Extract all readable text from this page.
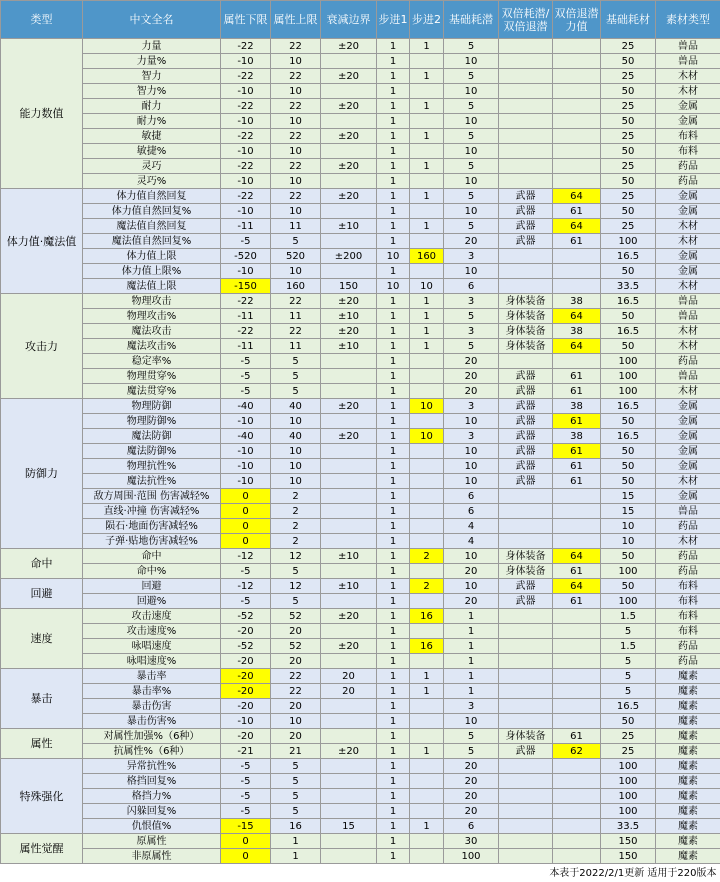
类型	中文全名	属性下限	属性上限	衰减边界	步进1	步进2	基础耗潜	双倍耗潜/双倍退潜	双倍退潜力值	基础耗材	素材类型
能力数值	力量	-22	22	±20	1	1	5			25	兽品
	力量%	-10	10		1		10			50	兽品
	智力	-22	22	±20	1	1	5			25	木材
	智力%	-10	10		1		10			50	木材
	耐力	-22	22	±20	1	1	5			25	金属
	耐力%	-10	10		1		10			50	金属
	敏捷	-22	22	±20	1	1	5			25	布料
	敏捷%	-10	10		1		10			50	布料
	灵巧	-22	22	±20	1	1	5			25	药品
	灵巧%	-10	10		1		10			50	药品
体力值·魔法值	体力值自然回复	-22	22	±20	1	1	5	武器	64	25	金属
	体力值自然回复%	-10	10		1		10	武器	61	50	金属
	魔法值自然回复	-11	11	±10	1	1	5	武器	64	25	木材
	魔法值自然回复%	-5	5		1		20	武器	61	100	木材
	体力值上限	-520	520	±200	10	160	3			16.5	金属
	体力值上限%	-10	10		1		10			50	金属
	魔法值上限	-150	160	150	10	10	6			33.5	木材
攻击力	物理攻击	-22	22	±20	1	1	3	身体装备	38	16.5	兽品
	物理攻击%	-11	11	±10	1	1	5	身体装备	64	50	兽品
	魔法攻击	-22	22	±20	1	1	3	身体装备	38	16.5	木材
	魔法攻击%	-11	11	±10	1	1	5	身体装备	64	50	木材
	稳定率%	-5	5		1		20			100	药品
	物理贯穿%	-5	5		1		20	武器	61	100	兽品
	魔法贯穿%	-5	5		1		20	武器	61	100	木材
防御力	物理防御	-40	40	±20	1	10	3	武器	38	16.5	金属
	物理防御%	-10	10		1		10	武器	61	50	金属
	魔法防御	-40	40	±20	1	10	3	武器	38	16.5	金属
	魔法防御%	-10	10		1		10	武器	61	50	金属
	物理抗性%	-10	10		1		10	武器	61	50	金属
	魔法抗性%	-10	10		1		10	武器	61	50	木材
	敌方周围·范围 伤害减轻%	0	2		1		6			15	金属
	直线·冲撞 伤害减轻%	0	2		1		6			15	兽品
	陨石·地面伤害减轻%	0	2		1		4			10	药品
	子弹·贴地伤害减轻%	0	2		1		4			10	木材
命中	命中	-12	12	±10	1	2	10	身体装备	64	50	药品
	命中%	-5	5		1		20	身体装备	61	100	药品
回避	回避	-12	12	±10	1	2	10	武器	64	50	布料
	回避%	-5	5		1		20	武器	61	100	布料
速度	攻击速度	-52	52	±20	1	16	1			1.5	布料
	攻击速度%	-20	20		1		1			5	布料
	咏唱速度	-52	52	±20	1	16	1			1.5	药品
	咏唱速度%	-20	20		1		1			5	药品
暴击	暴击率	-20	22	20	1	1	1			5	魔素
	暴击率%	-20	22	20	1	1	1			5	魔素
	暴击伤害	-20	20		1		3			16.5	魔素
	暴击伤害%	-10	10		1		10			50	魔素
属性	对属性加强%（6种）	-20	20		1		5	身体装备	61	25	魔素
	抗属性%（6种）	-21	21	±20	1	1	5	武器	62	25	魔素
特殊强化	异常抗性%	-5	5		1		20			100	魔素
	格挡回复%	-5	5		1		20			100	魔素
	格挡力%	-5	5		1		20			100	魔素
	闪躲回复%	-5	5		1		20			100	魔素
	仇恨值%	-15	16	15	1	1	6			33.5	魔素
属性觉醒	原属性	0	1		1		30			150	魔素
	非原属性	0	1		1		100			150	魔素
本表于2022/2/1更新 适用于220版本											
